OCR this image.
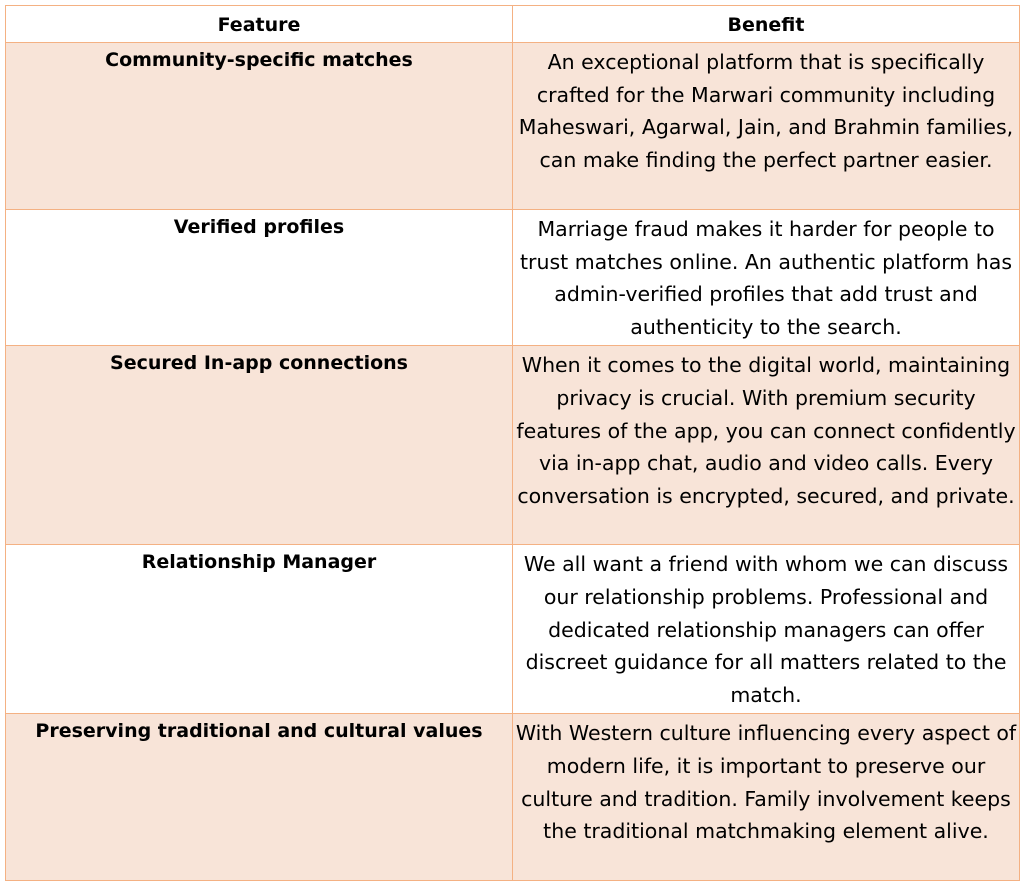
Feature	Benefit
Community-specific matches	An exceptional platform that is specifically crafted for the Marwari community including Maheswari, Agarwal, Jain, and Brahmin families, can make finding the perfect partner easier.
Verified profiles	Marriage fraud makes it harder for people to trust matches online. An authentic platform has admin-verified profiles that add trust and authenticity to the search.
Secured In-app connections	When it comes to the digital world, maintaining privacy is crucial. With premium security features of the app, you can connect confidently via in-app chat, audio and video calls. Every conversation is encrypted, secured, and private.
Relationship Manager	We all want a friend with whom we can discuss our relationship problems. Professional and dedicated relationship managers can offer discreet guidance for all matters related to the match.
Preserving traditional and cultural values	With Western culture influencing every aspect of modern life, it is important to preserve our culture and tradition. Family involvement keeps the traditional matchmaking element alive.
